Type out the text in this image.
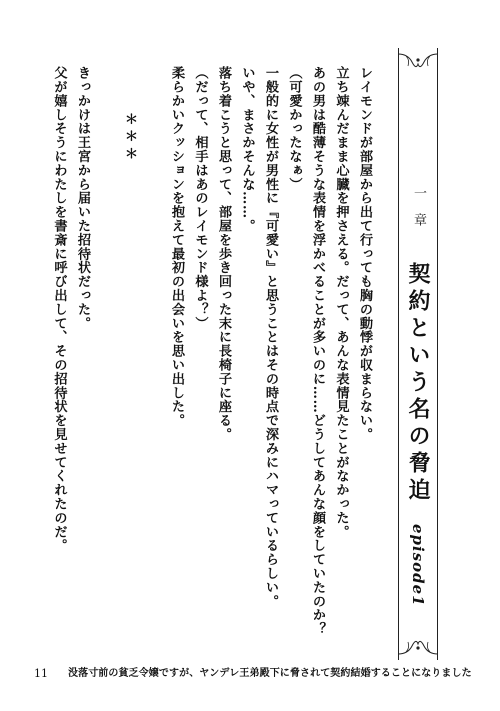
一章
契約という名の脅迫
episode1

レイモンドが部屋から出て行っても胸の動悸が収まらない。

立ち竦んだまま心臓を押さえる。だって、あんな表情見たことがなかった。

あの男は酷薄そうな表情を浮かべることが多いのに……どうしてあんな顔をしていたのか？

（可愛かったなぁ）

一般的に女性が男性に『可愛い』と思うことはその時点で深みにハマっているらしい。

いや、まさかそんな……。

落ち着こうと思って、部屋を歩き回った末に長椅子に座る。

（だって、相手はあのレイモンド様よ？）

柔らかいクッションを抱えて最初の出会いを思い出した。

＊＊＊

きっかけは王宮から届いた招待状だった。

父が嬉しそうにわたしを書斎に呼び出して、その招待状を見せてくれたのだ。

11 没落寸前の貧乏令嬢ですが、ヤンデレ王弟殿下に脅されて契約結婚することになりました
